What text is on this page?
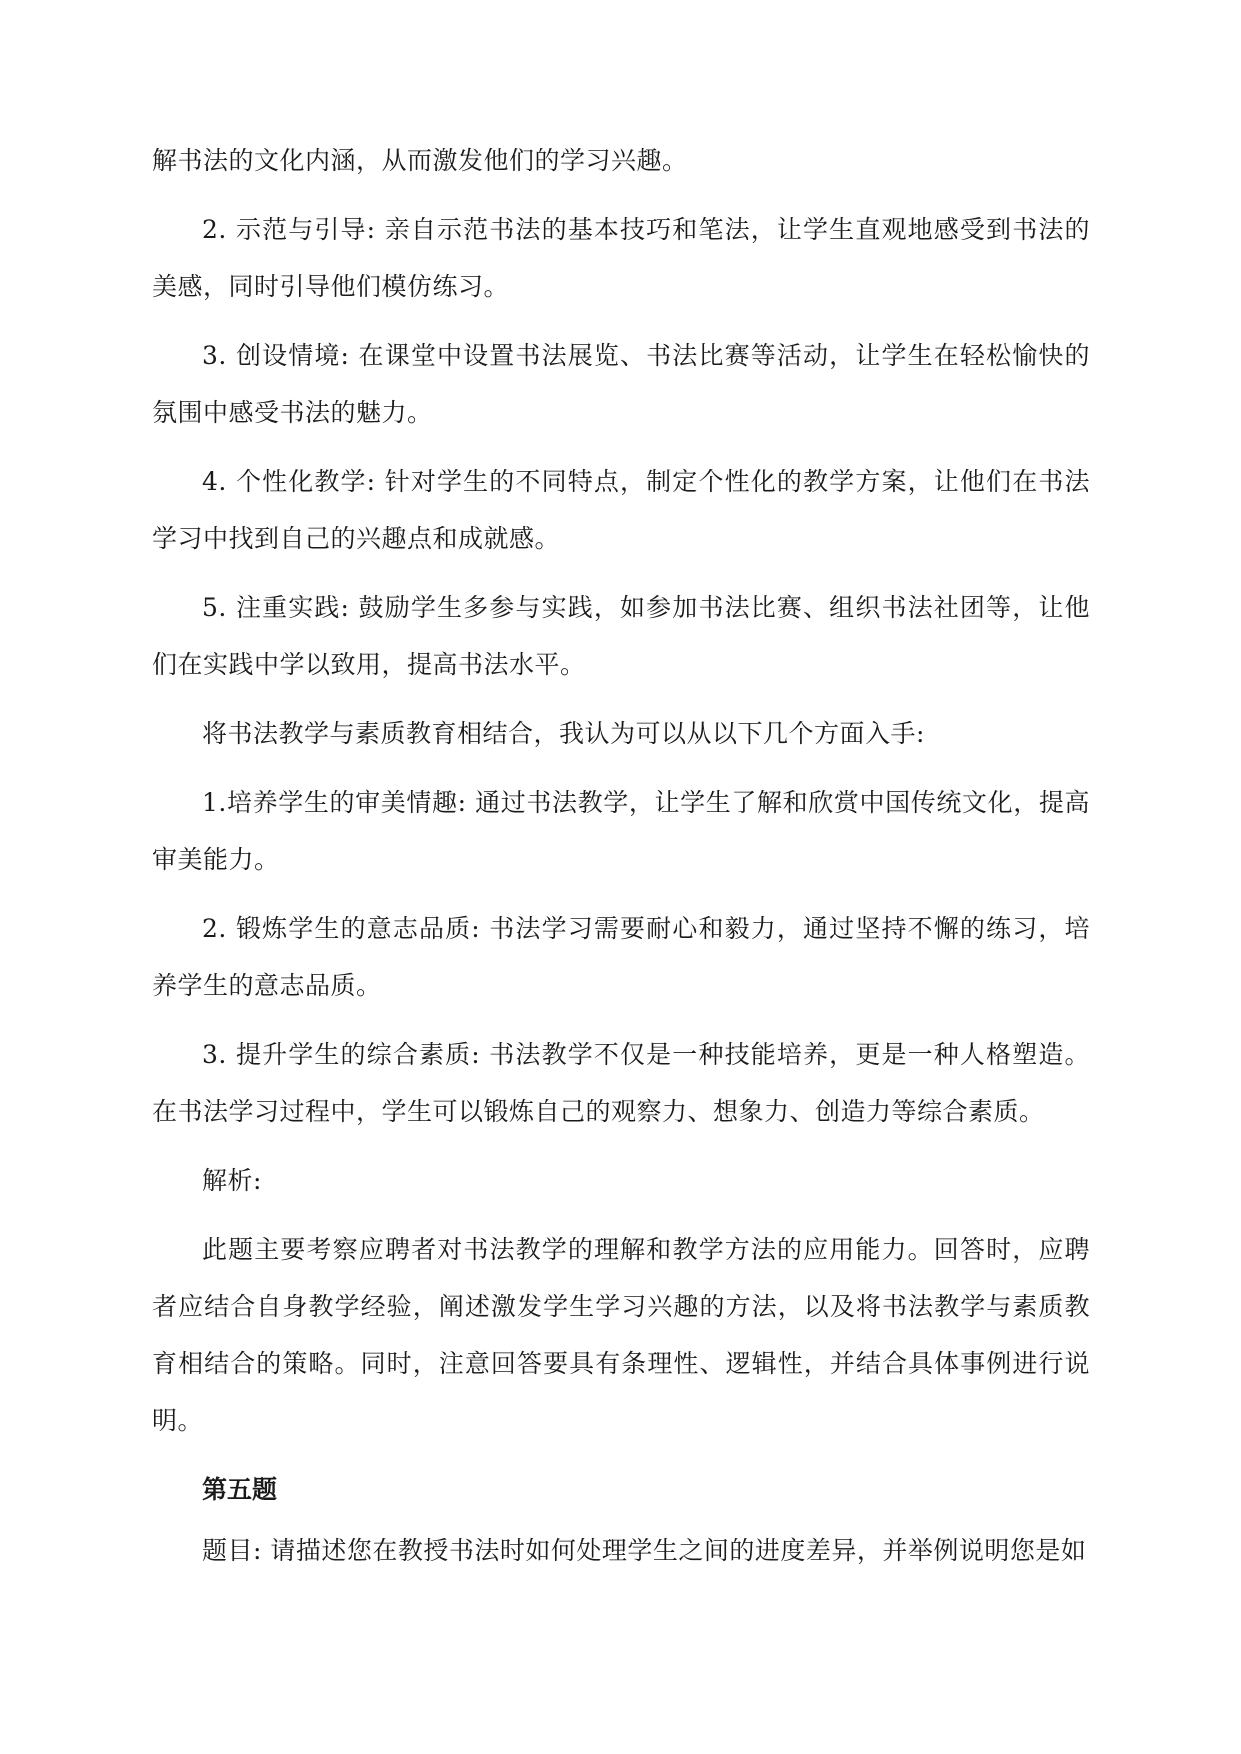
解书法的文化内涵，从而激发他们的学习兴趣。

2. 示范与引导: 亲自示范书法的基本技巧和笔法，让学生直观地感受到书法的美感，同时引导他们模仿练习。

3. 创设情境: 在课堂中设置书法展览、书法比赛等活动，让学生在轻松愉快的氛围中感受书法的魅力。

4. 个性化教学: 针对学生的不同特点，制定个性化的教学方案，让他们在书法学习中找到自己的兴趣点和成就感。

5. 注重实践: 鼓励学生多参与实践，如参加书法比赛、组织书法社团等，让他们在实践中学以致用，提高书法水平。

将书法教学与素质教育相结合，我认为可以从以下几个方面入手:

1.培养学生的审美情趣: 通过书法教学，让学生了解和欣赏中国传统文化，提高审美能力。

2. 锻炼学生的意志品质: 书法学习需要耐心和毅力，通过坚持不懈的练习，培养学生的意志品质。

3. 提升学生的综合素质: 书法教学不仅是一种技能培养，更是一种人格塑造。在书法学习过程中，学生可以锻炼自己的观察力、想象力、创造力等综合素质。

解析:

此题主要考察应聘者对书法教学的理解和教学方法的应用能力。回答时，应聘者应结合自身教学经验，阐述激发学生学习兴趣的方法，以及将书法教学与素质教育相结合的策略。同时，注意回答要具有条理性、逻辑性，并结合具体事例进行说明。

第五题

题目: 请描述您在教授书法时如何处理学生之间的进度差异，并举例说明您是如
